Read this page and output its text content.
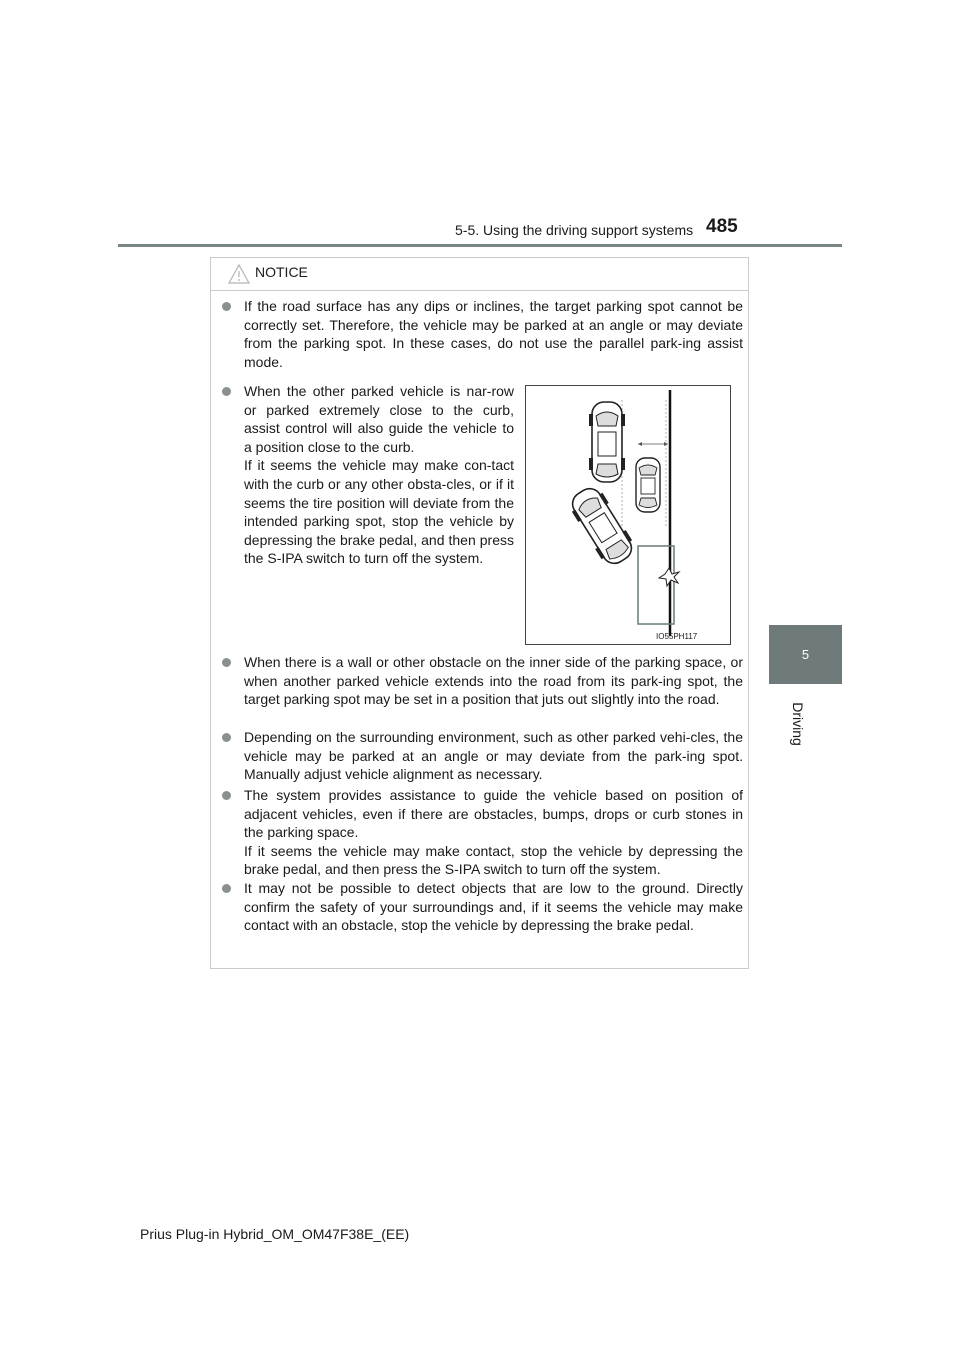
5-5. Using the driving support systems 485
5
Driving
NOTICE
If the road surface has any dips or inclines, the target parking spot cannot be correctly set. Therefore, the vehicle may be parked at an angle or may deviate from the parking spot. In these cases, do not use the parallel park-ing assist mode.
When the other parked vehicle is nar-row or parked extremely close to the curb, assist control will also guide the vehicle to a position close to the curb.
If it seems the vehicle may make con-tact with the curb or any other obsta-cles, or if it seems the tire position will deviate from the intended parking spot, stop the vehicle by depressing the brake pedal, and then press the S-IPA switch to turn off the system.
IO55PH117
When there is a wall or other obstacle on the inner side of the parking space, or when another parked vehicle extends into the road from its park-ing spot, the target parking spot may be set in a position that juts out slightly into the road.
Depending on the surrounding environment, such as other parked vehi-cles, the vehicle may be parked at an angle or may deviate from the park-ing spot. Manually adjust vehicle alignment as necessary.
The system provides assistance to guide the vehicle based on position of adjacent vehicles, even if there are obstacles, bumps, drops or curb stones in the parking space.
If it seems the vehicle may make contact, stop the vehicle by depressing the brake pedal, and then press the S-IPA switch to turn off the system.
It may not be possible to detect objects that are low to the ground. Directly confirm the safety of your surroundings and, if it seems the vehicle may make contact with an obstacle, stop the vehicle by depressing the brake pedal.
Prius Plug-in Hybrid_OM_OM47F38E_(EE)
